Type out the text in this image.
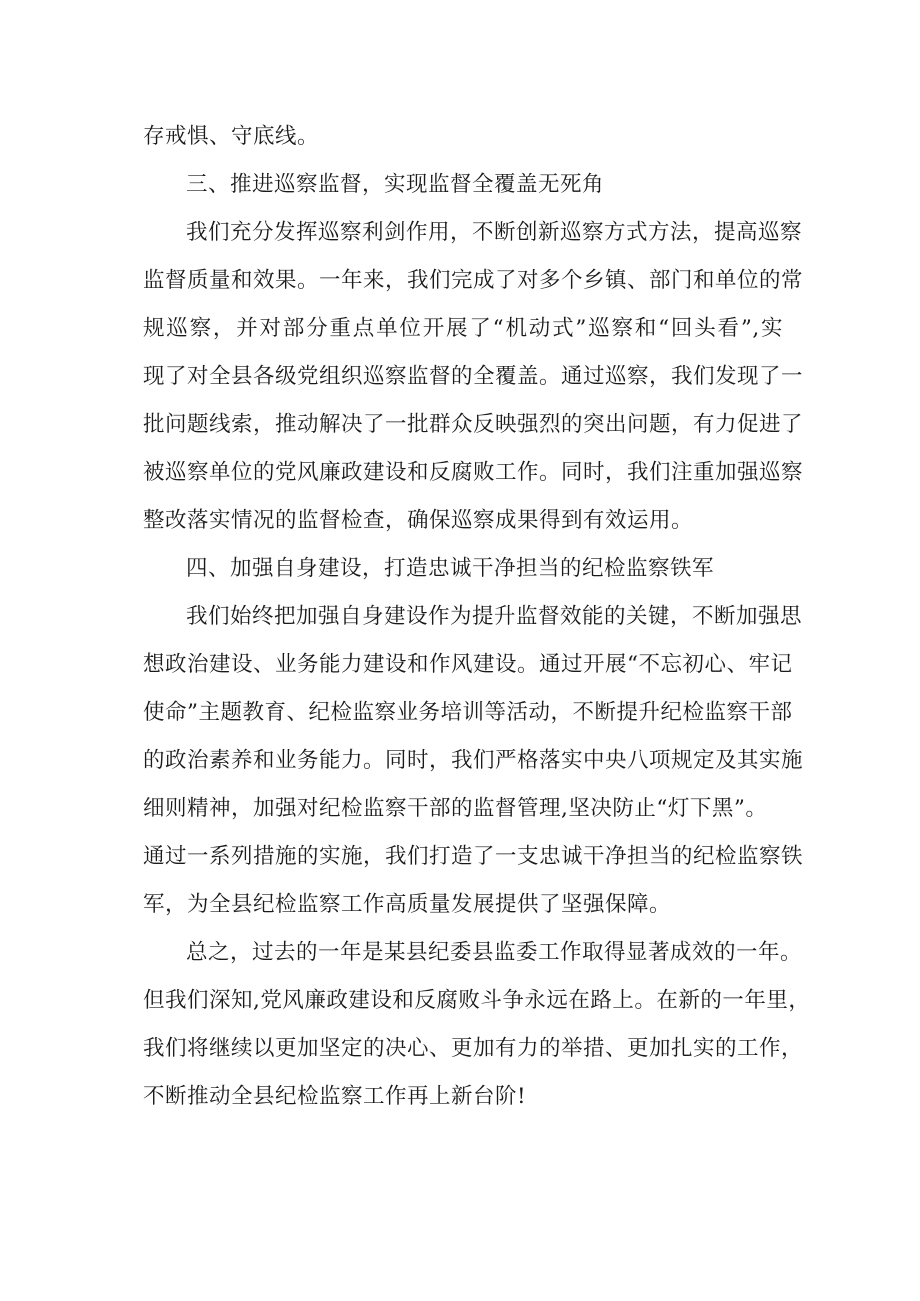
存戒惧、守底线。
三、推进巡察监督，实现监督全覆盖无死角
我们充分发挥巡察利剑作用，不断创新巡察方式方法，提高巡察
监督质量和效果。一年来，我们完成了对多个乡镇、部门和单位的常
规巡察，并对部分重点单位开展了“机动式”巡察和“回头看”,实
现了对全县各级党组织巡察监督的全覆盖。通过巡察，我们发现了一
批问题线索，推动解决了一批群众反映强烈的突出问题，有力促进了
被巡察单位的党风廉政建设和反腐败工作。同时，我们注重加强巡察
整改落实情况的监督检查，确保巡察成果得到有效运用。
四、加强自身建设，打造忠诚干净担当的纪检监察铁军
我们始终把加强自身建设作为提升监督效能的关键，不断加强思
想政治建设、业务能力建设和作风建设。通过开展“不忘初心、牢记
使命”主题教育、纪检监察业务培训等活动，不断提升纪检监察干部
的政治素养和业务能力。同时，我们严格落实中央八项规定及其实施
细则精神，加强对纪检监察干部的监督管理,坚决防止“灯下黑”。
通过一系列措施的实施，我们打造了一支忠诚干净担当的纪检监察铁
军，为全县纪检监察工作高质量发展提供了坚强保障。
总之，过去的一年是某县纪委县监委工作取得显著成效的一年。
但我们深知,党风廉政建设和反腐败斗争永远在路上。在新的一年里，
我们将继续以更加坚定的决心、更加有力的举措、更加扎实的工作，
不断推动全县纪检监察工作再上新台阶!
